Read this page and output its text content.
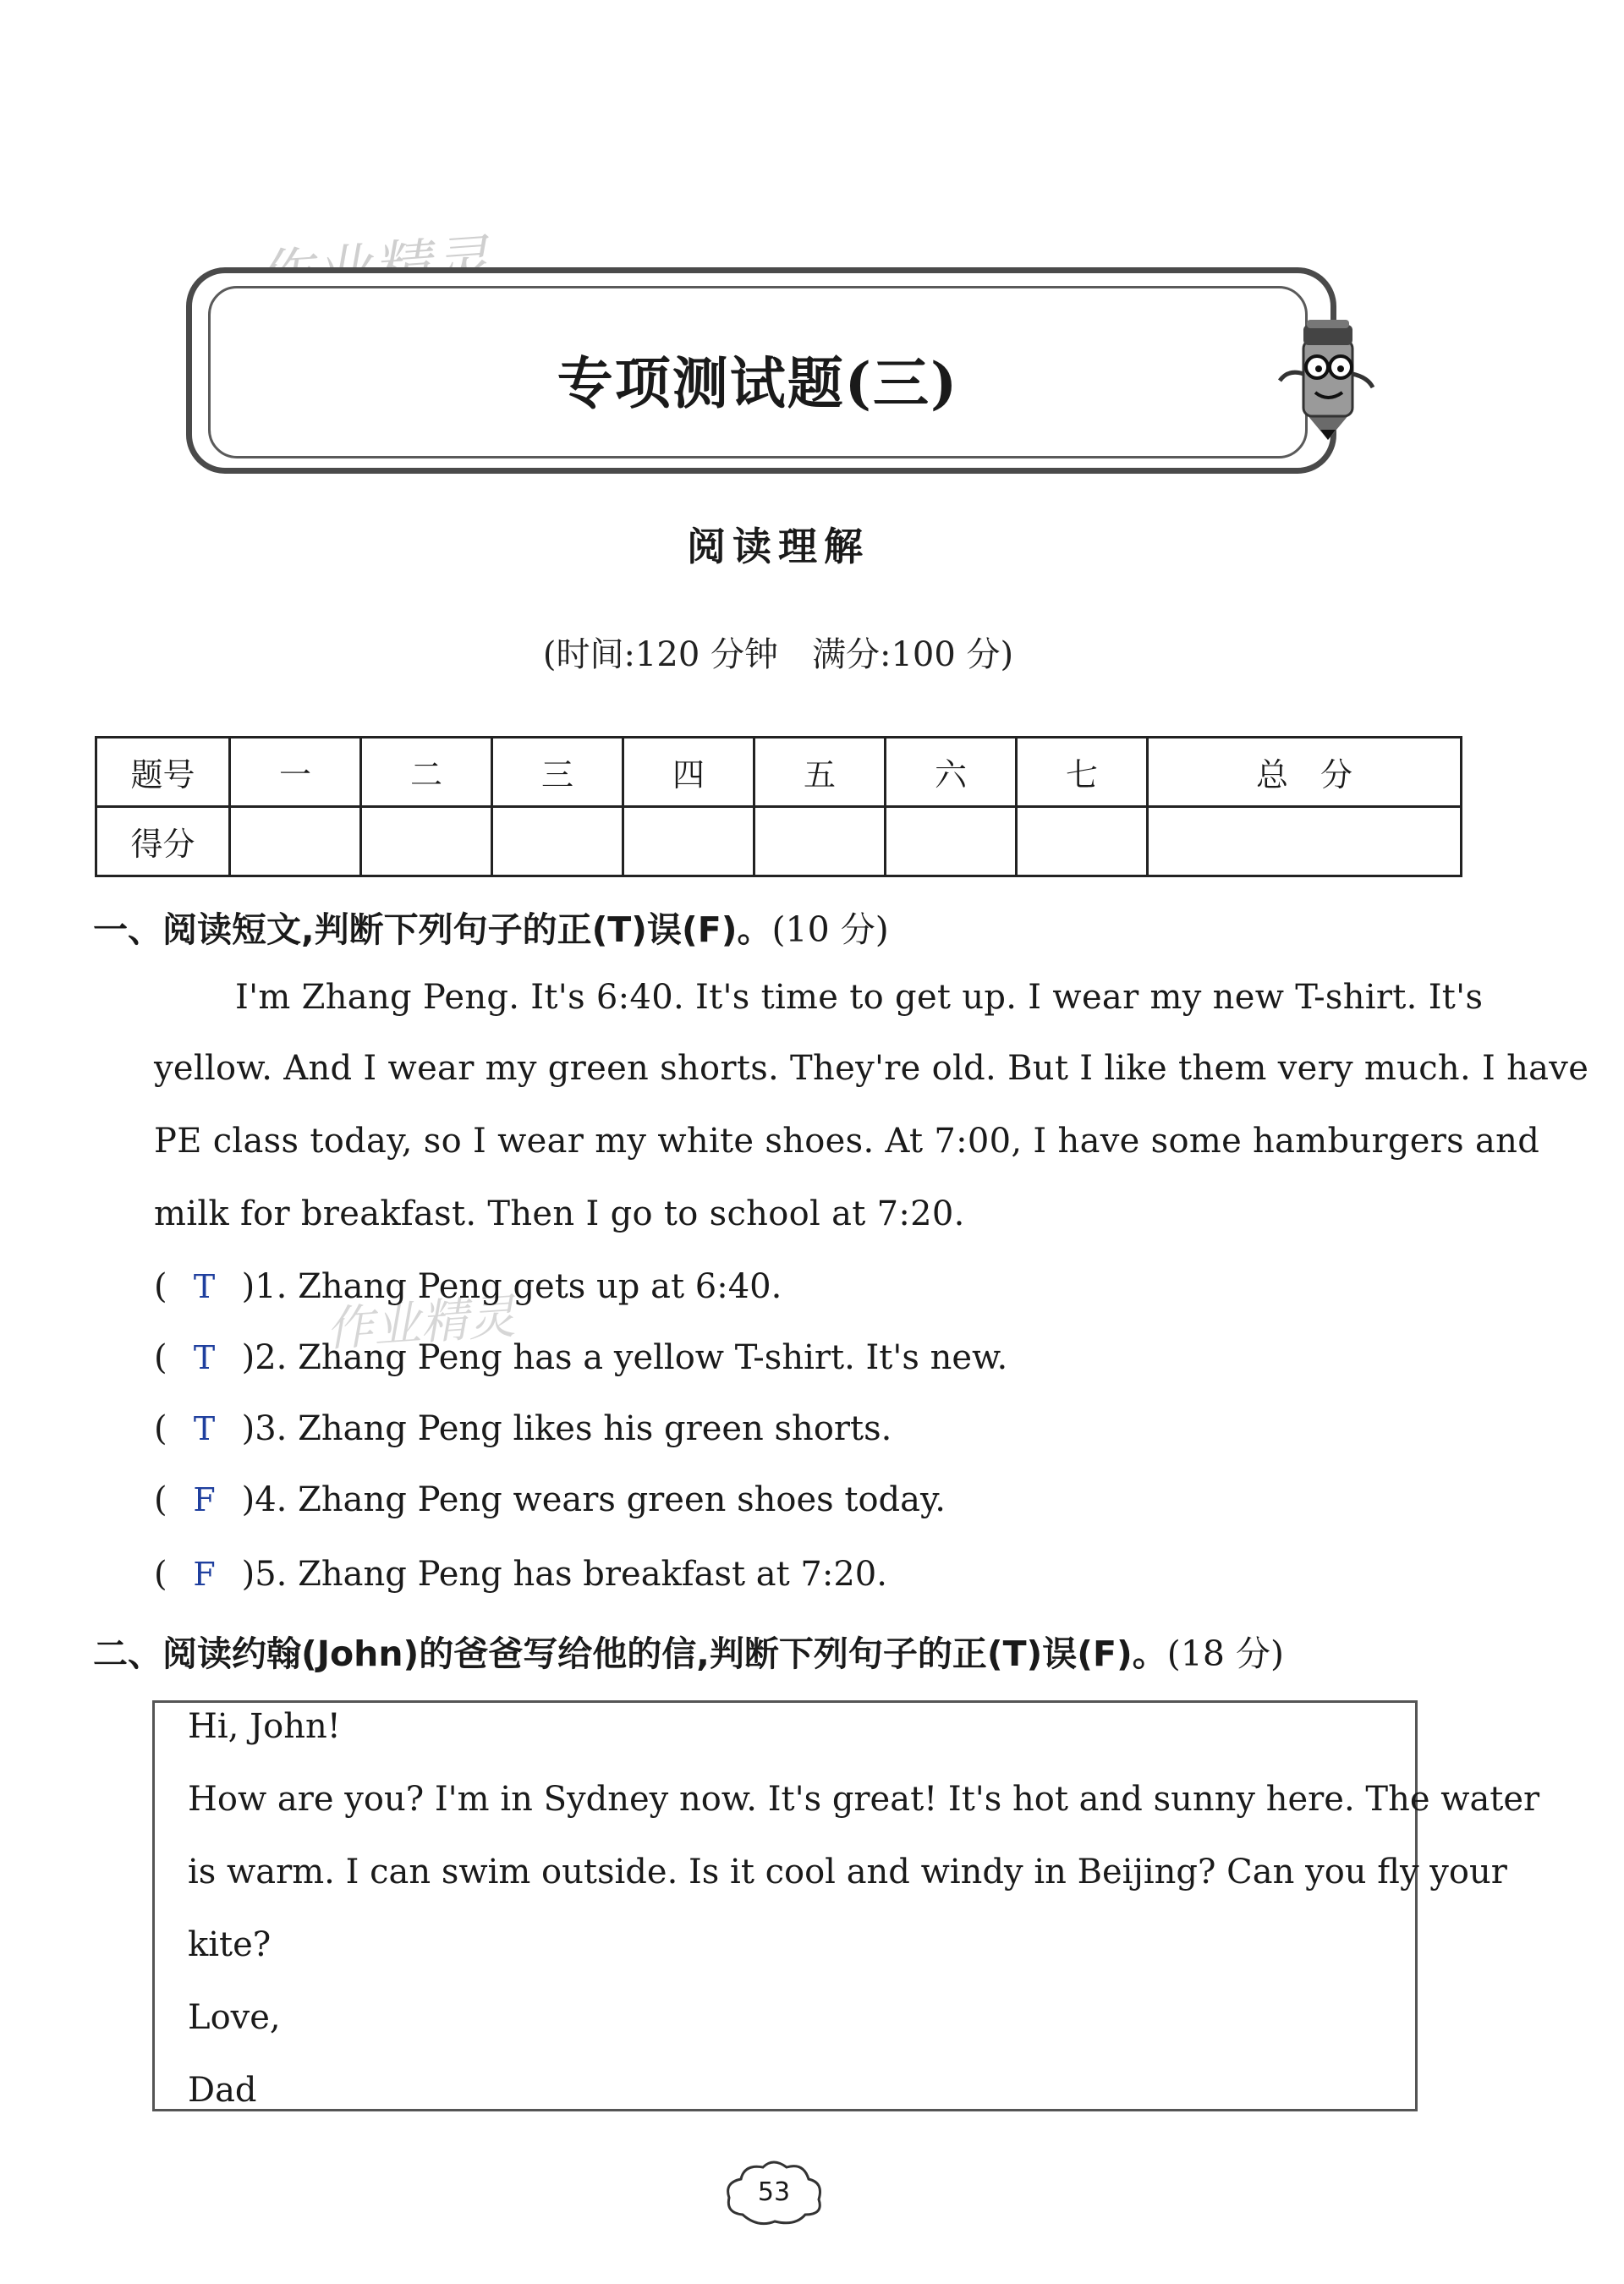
专项测试题(三)
阅读理解
(时间:120 分钟　满分:100 分)
题号	一	二	三	四	五	六	七	总　分
得分								
一、阅读短文,判断下列句子的正(T)误(F)。(10 分)
I'm Zhang Peng. It's 6:40. It's time to get up. I wear my new T-shirt. It's
yellow. And I wear my green shorts. They're old. But I like them very much. I have
PE class today, so I wear my white shoes. At 7:00, I have some hamburgers and
milk for breakfast. Then I go to school at 7:20.
作业精灵
( T )1. Zhang Peng gets up at 6:40.
( T )2. Zhang Peng has a yellow T-shirt. It's new.
( T )3. Zhang Peng likes his green shorts.
( F )4. Zhang Peng wears green shoes today.
( F )5. Zhang Peng has breakfast at 7:20.
二、阅读约翰(John)的爸爸写给他的信,判断下列句子的正(T)误(F)。(18 分)
Hi, John!
How are you? I'm in Sydney now. It's great! It's hot and sunny here. The water
is warm. I can swim outside. Is it cool and windy in Beijing? Can you fly your
kite?
Love,
Dad
53
